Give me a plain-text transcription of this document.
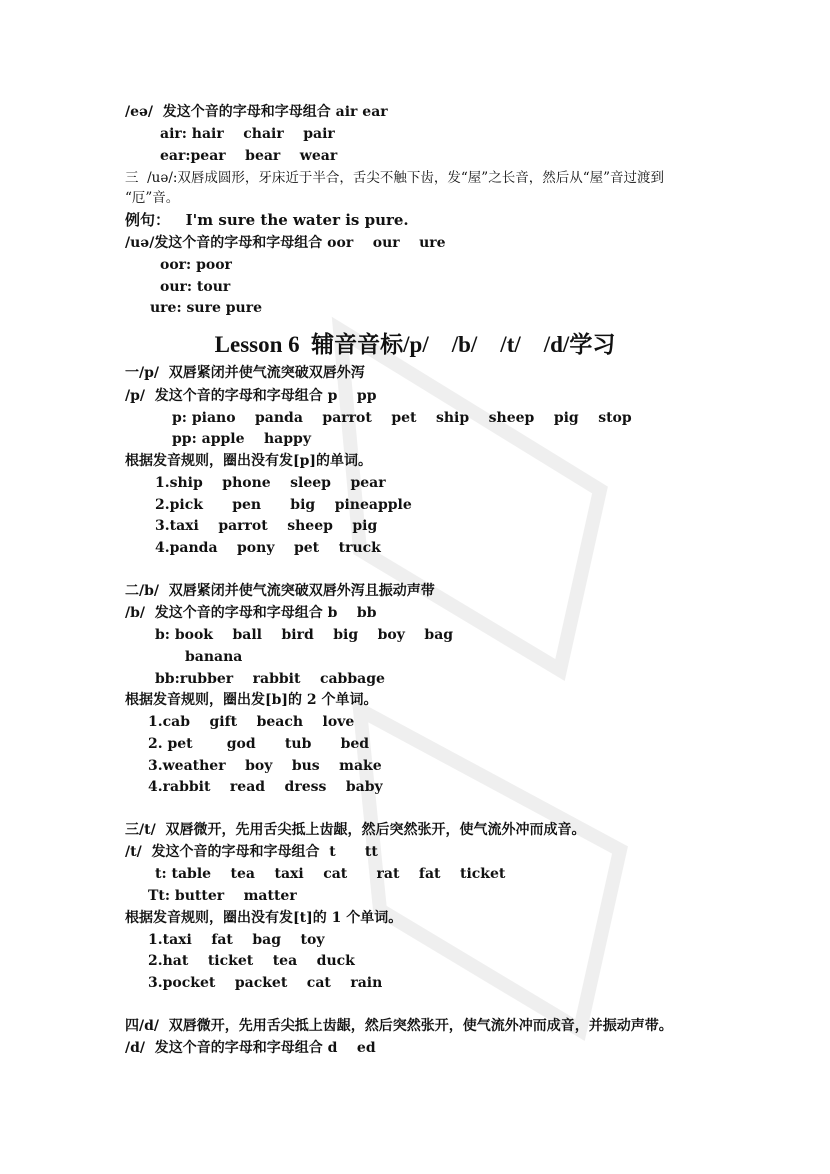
/eə/  发这个音的字母和字母组合 air ear
air: hair    chair    pair
ear:pear    bear    wear
三  /uə/:双唇成圆形，牙床近于半合，舌尖不触下齿，发“屋”之长音，然后从“屋”音过渡到
“厄”音。
例句：   I'm sure the water is pure.
/uə/发这个音的字母和字母组合 oor    our    ure
oor: poor
our: tour
ure: sure pure
一/p/  双唇紧闭并使气流突破双唇外泻
/p/  发这个音的字母和字母组合 p    pp
p: piano    panda    parrot    pet    ship    sheep    pig    stop
pp: apple    happy
根据发音规则，圈出没有发[p]的单词。
1.ship    phone    sleep    pear
2.pick      pen      big    pineapple
3.taxi    parrot    sheep    pig
4.panda    pony    pet    truck
二/b/  双唇紧闭并使气流突破双唇外泻且振动声带
/b/  发这个音的字母和字母组合 b    bb
b: book    ball    bird    big    boy    bag
banana
bb:rubber    rabbit    cabbage
根据发音规则，圈出发[b]的 2 个单词。
1.cab    gift    beach    love
2. pet       god      tub      bed
3.weather    boy    bus    make
4.rabbit    read    dress    baby
三/t/  双唇微开，先用舌尖抵上齿龈，然后突然张开，使气流外冲而成音。
/t/  发这个音的字母和字母组合  t      tt
t: table    tea    taxi    cat      rat    fat    ticket
Tt: butter    matter
根据发音规则，圈出没有发[t]的 1 个单词。
1.taxi    fat    bag    toy
2.hat    ticket    tea    duck
3.pocket    packet    cat    rain
四/d/  双唇微开，先用舌尖抵上齿龈，然后突然张开，使气流外冲而成音，并振动声带。
/d/  发这个音的字母和字母组合 d    ed
Lesson 6  辅音音标/p/    /b/    /t/    /d/学习
